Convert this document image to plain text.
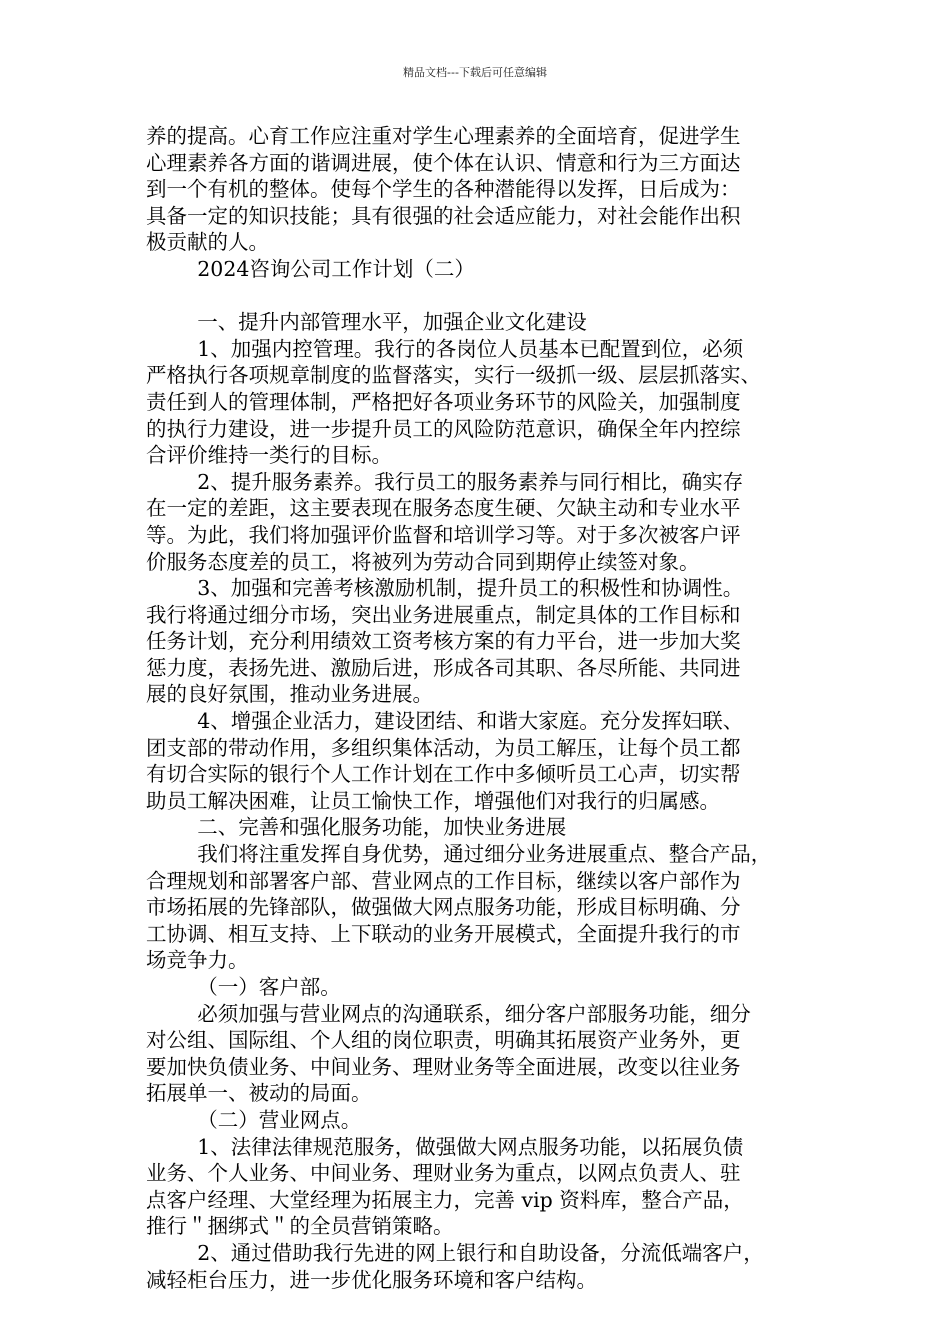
精品文档---下载后可任意编辑

养的提高。心育工作应注重对学生心理素养的全面培育，促进学生

心理素养各方面的谐调进展，使个体在认识、情意和行为三方面达

到一个有机的整体。使每个学生的各种潜能得以发挥，日后成为：

具备一定的知识技能；具有很强的社会适应能力，对社会能作出积

极贡献的人。

2024咨询公司工作计划（二）

一、提升内部管理水平，加强企业文化建设

1、加强内控管理。我行的各岗位人员基本已配置到位，必须

严格执行各项规章制度的监督落实，实行一级抓一级、层层抓落实、

责任到人的管理体制，严格把好各项业务环节的风险关，加强制度

的执行力建设，进一步提升员工的风险防范意识，确保全年内控综

合评价维持一类行的目标。

2、提升服务素养。我行员工的服务素养与同行相比，确实存

在一定的差距，这主要表现在服务态度生硬、欠缺主动和专业水平

等。为此，我们将加强评价监督和培训学习等。对于多次被客户评

价服务态度差的员工，将被列为劳动合同到期停止续签对象。

3、加强和完善考核激励机制，提升员工的积极性和协调性。

我行将通过细分市场，突出业务进展重点，制定具体的工作目标和

任务计划，充分利用绩效工资考核方案的有力平台，进一步加大奖

惩力度，表扬先进、激励后进，形成各司其职、各尽所能、共同进

展的良好氛围，推动业务进展。

4、增强企业活力，建设团结、和谐大家庭。充分发挥妇联、

团支部的带动作用，多组织集体活动，为员工解压，让每个员工都

有切合实际的银行个人工作计划在工作中多倾听员工心声，切实帮

助员工解决困难，让员工愉快工作，增强他们对我行的归属感。

二、完善和强化服务功能，加快业务进展

我们将注重发挥自身优势，通过细分业务进展重点、整合产品，

合理规划和部署客户部、营业网点的工作目标，继续以客户部作为

市场拓展的先锋部队，做强做大网点服务功能，形成目标明确、分

工协调、相互支持、上下联动的业务开展模式，全面提升我行的市

场竞争力。

（一）客户部。

必须加强与营业网点的沟通联系，细分客户部服务功能，细分

对公组、国际组、个人组的岗位职责，明确其拓展资产业务外，更

要加快负债业务、中间业务、理财业务等全面进展，改变以往业务

拓展单一、被动的局面。

（二）营业网点。

1、法律法律规范服务，做强做大网点服务功能，以拓展负债

业务、个人业务、中间业务、理财业务为重点，以网点负责人、驻

点客户经理、大堂经理为拓展主力，完善 vip 资料库，整合产品，

推行＂捆绑式＂的全员营销策略。

2、通过借助我行先进的网上银行和自助设备，分流低端客户，

减轻柜台压力，进一步优化服务环境和客户结构。
